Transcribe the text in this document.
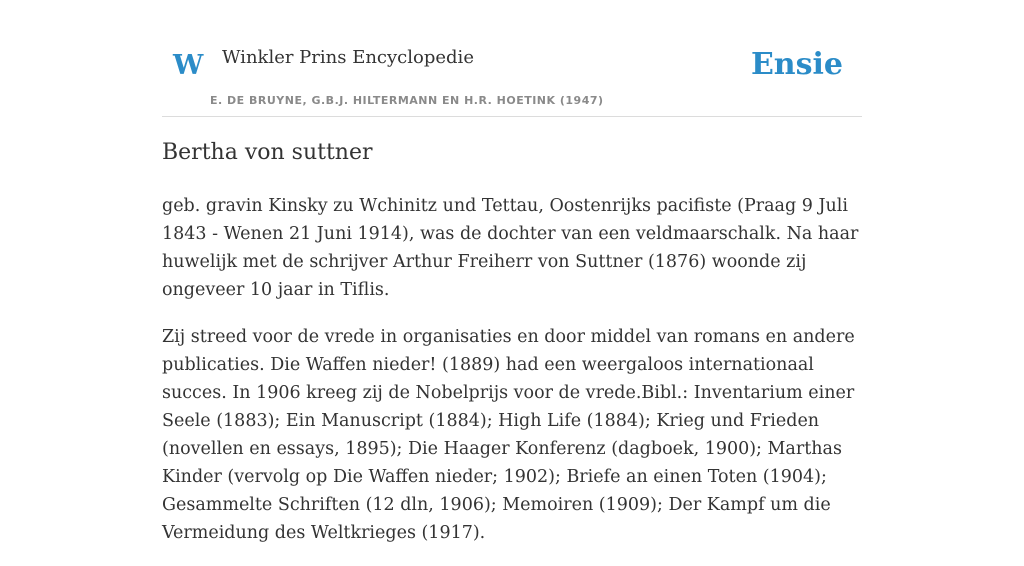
W Winkler Prins Encyclopedie
E. DE BRUYNE, G.B.J. HILTERMANN EN H.R. HOETINK (1947)
Ensie
Bertha von suttner

geb. gravin Kinsky zu Wchinitz und Tettau, Oostenrijks pacifiste (Praag 9 Juli 1843 - Wenen 21 Juni 1914), was de dochter van een veldmaarschalk. Na haar huwelijk met de schrijver Arthur Freiherr von Suttner (1876) woonde zij ongeveer 10 jaar in Tiflis.

Zij streed voor de vrede in organisaties en door middel van romans en andere publicaties. Die Waffen nieder! (1889) had een weergaloos internationaal succes. In 1906 kreeg zij de Nobelprijs voor de vrede.Bibl.: Inventarium einer Seele (1883); Ein Manuscript (1884); High Life (1884); Krieg und Frieden (novellen en essays, 1895); Die Haager Konferenz (dagboek, 1900); Marthas Kinder (vervolg op Die Waffen nieder; 1902); Briefe an einen Toten (1904); Gesammelte Schriften (12 dln, 1906); Memoiren (1909); Der Kampf um die Vermeidung des Weltkrieges (1917).
